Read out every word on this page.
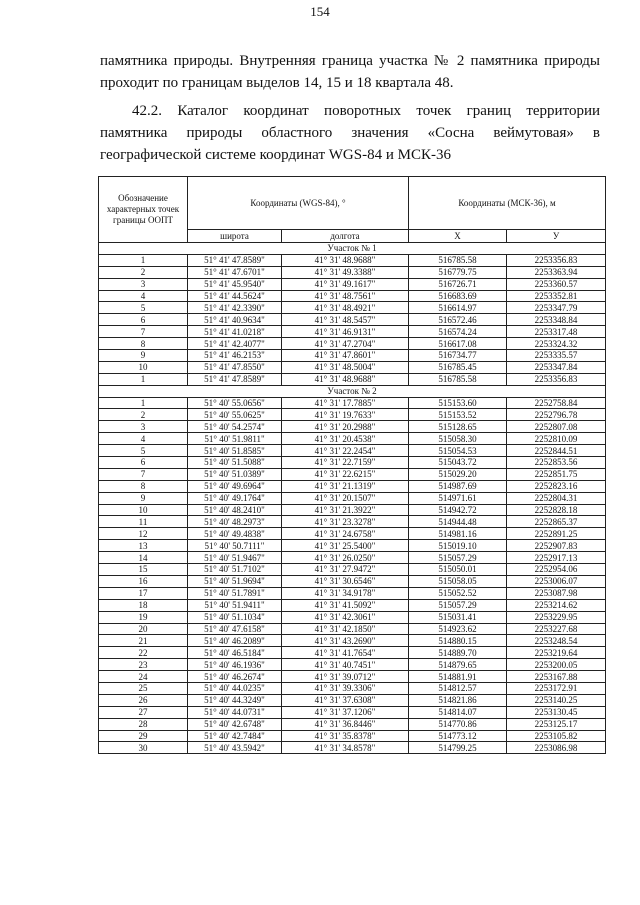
154
памятника природы. Внутренняя граница участка № 2 памятника природы
проходит по границам выделов 14, 15 и 18 квартала 48.
42.2. Каталог координат поворотных точек границ территории
памятника природы областного значения «Сосна веймутовая» в
географической системе координат WGS-84 и МСК-36
Обозначение характерных точек границы ООПТ	Координаты (WGS-84), °		Координаты (МСК-36), м	
	широта	долгота	X	У
Участок № 1				
1	51° 41' 47.8589"	41° 31' 48.9688"	516785.58	2253356.83
2	51° 41' 47.6701"	41° 31' 49.3388"	516779.75	2253363.94
3	51° 41' 45.9540"	41° 31' 49.1617"	516726.71	2253360.57
4	51° 41' 44.5624"	41° 31' 48.7561"	516683.69	2253352.81
5	51° 41' 42.3390"	41° 31' 48.4921"	516614.97	2253347.79
6	51° 41' 40.9634"	41° 31' 48.5457"	516572.46	2253348.84
7	51° 41' 41.0218"	41° 31' 46.9131"	516574.24	2253317.48
8	51° 41' 42.4077"	41° 31' 47.2704"	516617.08	2253324.32
9	51° 41' 46.2153"	41° 31' 47.8601"	516734.77	2253335.57
10	51° 41' 47.8550"	41° 31' 48.5004"	516785.45	2253347.84
1	51° 41' 47.8589"	41° 31' 48.9688"	516785.58	2253356.83
Участок № 2				
1	51° 40' 55.0656"	41° 31' 17.7885"	515153.60	2252758.84
2	51° 40' 55.0625"	41° 31' 19.7633"	515153.52	2252796.78
3	51° 40' 54.2574"	41° 31' 20.2988"	515128.65	2252807.08
4	51° 40' 51.9811"	41° 31' 20.4538"	515058.30	2252810.09
5	51° 40' 51.8585"	41° 31' 22.2454"	515054.53	2252844.51
6	51° 40' 51.5088"	41° 31' 22.7159"	515043.72	2252853.56
7	51° 40' 51.0389"	41° 31' 22.6215"	515029.20	2252851.75
8	51° 40' 49.6964"	41° 31' 21.1319"	514987.69	2252823.16
9	51° 40' 49.1764"	41° 31' 20.1507"	514971.61	2252804.31
10	51° 40' 48.2410"	41° 31' 21.3922"	514942.72	2252828.18
11	51° 40' 48.2973"	41° 31' 23.3278"	514944.48	2252865.37
12	51° 40' 49.4838"	41° 31' 24.6758"	514981.16	2252891.25
13	51° 40' 50.7111"	41° 31' 25.5400"	515019.10	2252907.83
14	51° 40' 51.9467"	41° 31' 26.0250"	515057.29	2252917.13
15	51° 40' 51.7102"	41° 31' 27.9472"	515050.01	2252954.06
16	51° 40' 51.9694"	41° 31' 30.6546"	515058.05	2253006.07
17	51° 40' 51.7891"	41° 31' 34.9178"	515052.52	2253087.98
18	51° 40' 51.9411"	41° 31' 41.5092"	515057.29	2253214.62
19	51° 40' 51.1034"	41° 31' 42.3061"	515031.41	2253229.95
20	51° 40' 47.6158"	41° 31' 42.1850"	514923.62	2253227.68
21	51° 40' 46.2089"	41° 31' 43.2690"	514880.15	2253248.54
22	51° 40' 46.5184"	41° 31' 41.7654"	514889.70	2253219.64
23	51° 40' 46.1936"	41° 31' 40.7451"	514879.65	2253200.05
24	51° 40' 46.2674"	41° 31' 39.0712"	514881.91	2253167.88
25	51° 40' 44.0235"	41° 31' 39.3306"	514812.57	2253172.91
26	51° 40' 44.3249"	41° 31' 37.6308"	514821.86	2253140.25
27	51° 40' 44.0731"	41° 31' 37.1206"	514814.07	2253130.45
28	51° 40' 42.6748"	41° 31' 36.8446"	514770.86	2253125.17
29	51° 40' 42.7484"	41° 31' 35.8378"	514773.12	2253105.82
30	51° 40' 43.5942"	41° 31' 34.8578"	514799.25	2253086.98
